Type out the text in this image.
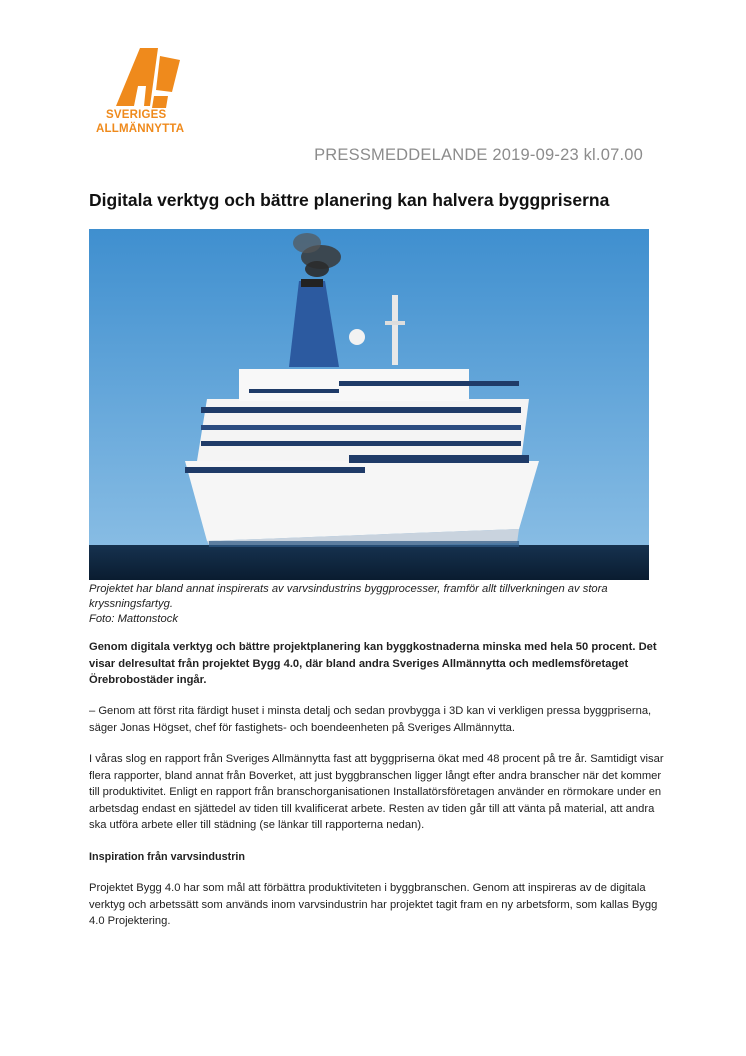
SVERIGES
ALLMÄNNYTTA
PRESSMEDDELANDE 2019-09-23 kl.07.00
Digitala verktyg och bättre planering kan halvera byggpriserna
Projektet har bland annat inspirerats av varvsindustrins byggprocesser, framför allt tillverkningen av stora kryssningsfartyg.
Foto: Mattonstock
Genom digitala verktyg och bättre projektplanering kan byggkostnaderna minska med hela 50 procent. Det visar delresultat från projektet Bygg 4.0, där bland andra Sveriges Allmännytta och medlemsföretaget Örebrobostäder ingår.
– Genom att först rita färdigt huset i minsta detalj och sedan provbygga i 3D kan vi verkligen pressa byggpriserna, säger Jonas Högset, chef för fastighets- och boendeenheten på Sveriges Allmännytta.
I våras slog en rapport från Sveriges Allmännytta fast att byggpriserna ökat med 48 procent på tre år. Samtidigt visar flera rapporter, bland annat från Boverket, att just byggbranschen ligger långt efter andra branscher när det kommer till produktivitet. Enligt en rapport från branschorganisationen Installatörsföretagen använder en rörmokare under en arbetsdag endast en sjättedel av tiden till kvalificerat arbete. Resten av tiden går till att vänta på material, att andra ska utföra arbete eller till städning (se länkar till rapporterna nedan).
Inspiration från varvsindustrin
Projektet Bygg 4.0 har som mål att förbättra produktiviteten i byggbranschen. Genom att inspireras av de digitala verktyg och arbetssätt som används inom varvsindustrin har projektet tagit fram en ny arbetsform, som kallas Bygg 4.0 Projektering.
